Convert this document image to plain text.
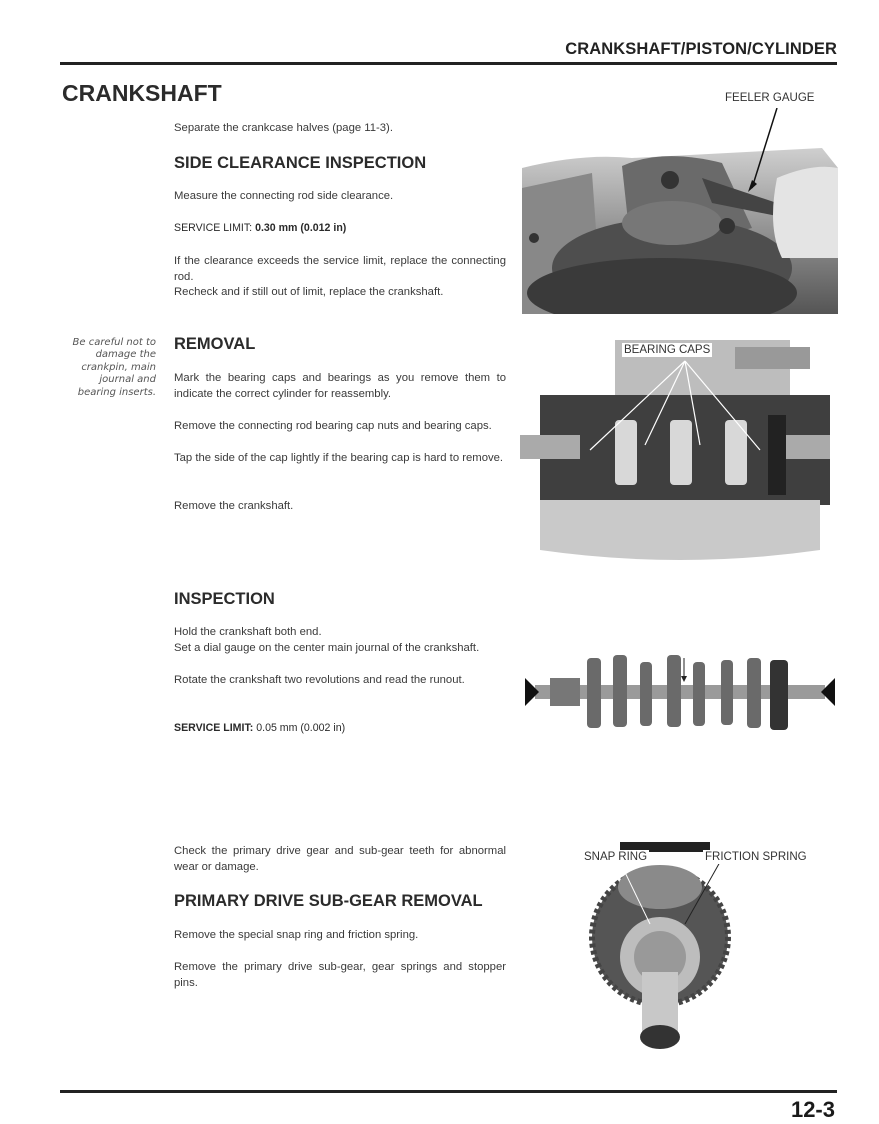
CRANKSHAFT/PISTON/CYLINDER
CRANKSHAFT
Separate the crankcase halves (page 11-3).
SIDE CLEARANCE INSPECTION
Measure the connecting rod side clearance.
SERVICE LIMIT: 0.30 mm (0.012 in)
If the clearance exceeds the service limit, replace the connecting rod.
Recheck and if still out of limit, replace the crankshaft.
Be careful not to damage the crankpin, main journal and bearing inserts.
REMOVAL
Mark the bearing caps and bearings as you remove them to indicate the correct cylinder for reassembly.
Remove the connecting rod bearing cap nuts and bearing caps.
Tap the side of the cap lightly if the bearing cap is hard to remove.
Remove the crankshaft.
INSPECTION
Hold the crankshaft both end.
Set a dial gauge on the center main journal of the crankshaft.
Rotate the crankshaft two revolutions and read the runout.
SERVICE LIMIT: 0.05 mm (0.002 in)
Check the primary drive gear and sub-gear teeth for abnormal wear or damage.
PRIMARY DRIVE SUB-GEAR REMOVAL
Remove the special snap ring and friction spring.
Remove the primary drive sub-gear, gear springs and stopper pins.
FEELER GAUGE
BEARING CAPS
SNAP RING	FRICTION SPRING
12-3
